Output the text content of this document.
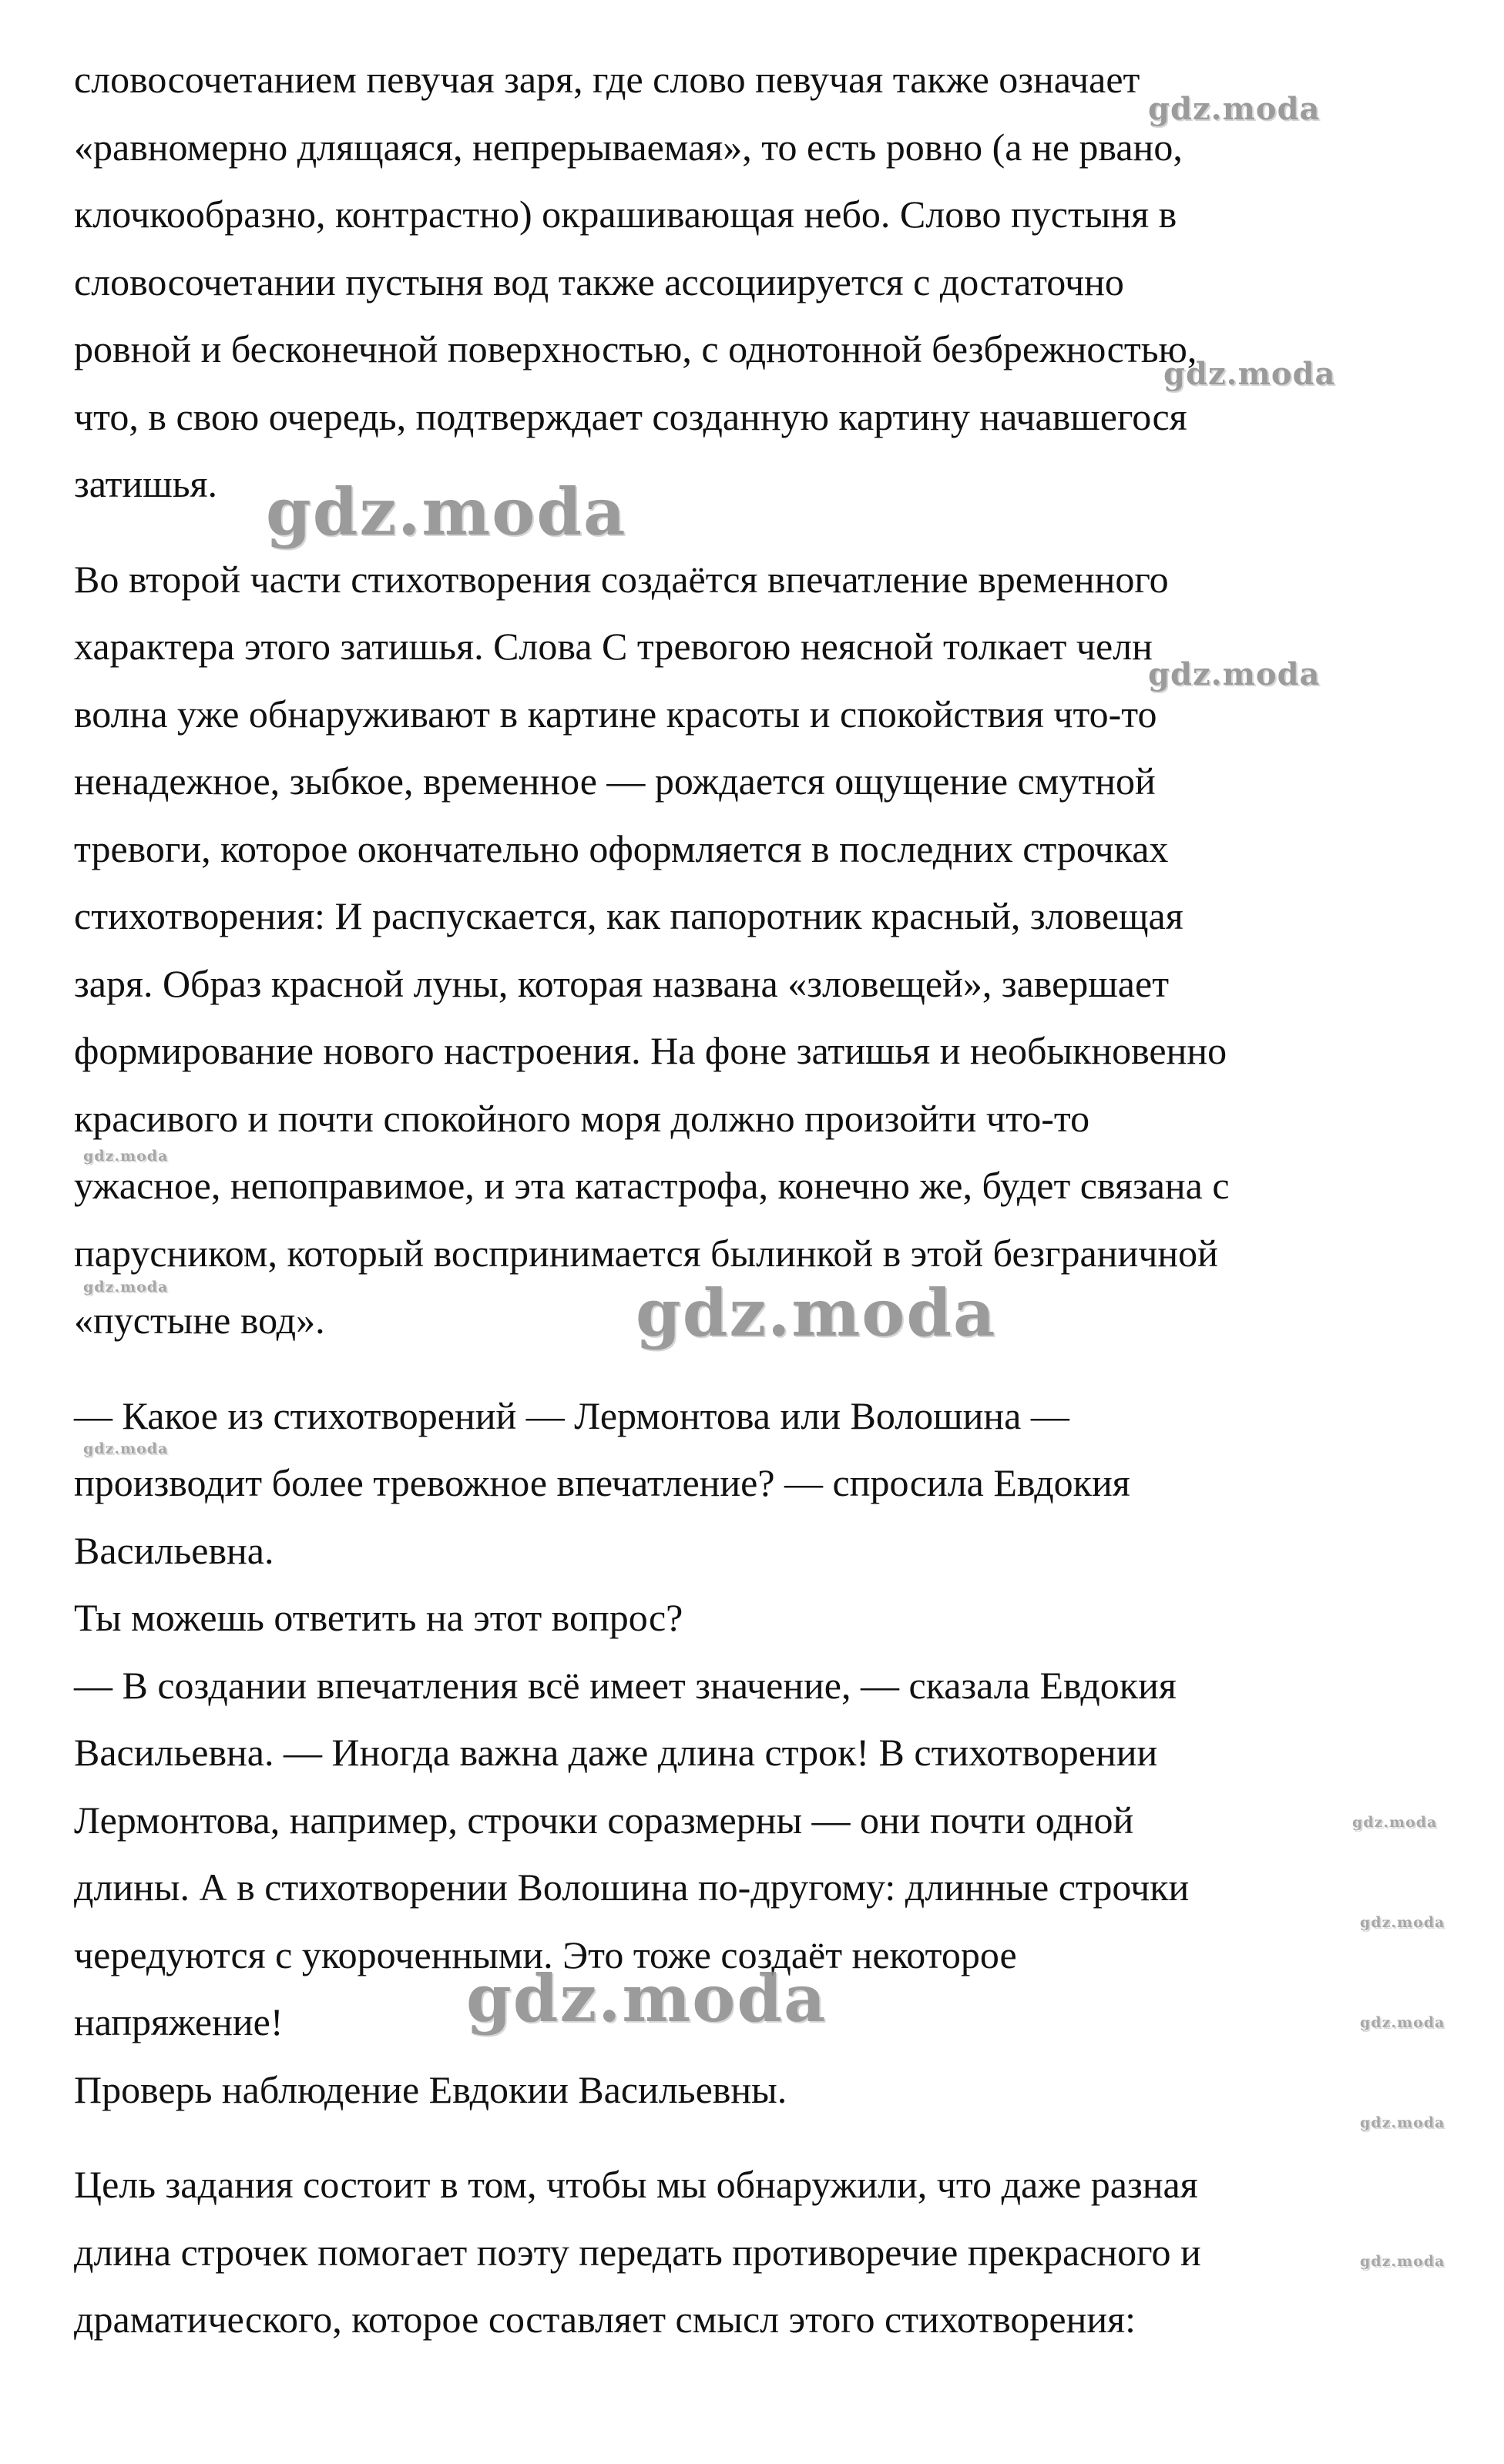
словосочетанием певучая заря, где слово певучая также означает
«равномерно длящаяся, непрерываемая», то есть ровно (а не рвано,
клочкообразно, контрастно) окрашивающая небо. Слово пустыня в
словосочетании пустыня вод также ассоциируется с достаточно
ровной и бесконечной поверхностью, с однотонной безбрежностью,
что, в свою очередь, подтверждает созданную картину начавшегося
затишья.

Во второй части стихотворения создаётся впечатление временного
характера этого затишья. Слова С тревогою неясной толкает челн
волна уже обнаруживают в картине красоты и спокойствия что-то
ненадежное, зыбкое, временное — рождается ощущение смутной
тревоги, которое окончательно оформляется в последних строчках
стихотворения: И распускается, как папоротник красный, зловещая
заря. Образ красной луны, которая названа «зловещей», завершает
формирование нового настроения. На фоне затишья и необыкновенно
красивого и почти спокойного моря должно произойти что-то
ужасное, непоправимое, и эта катастрофа, конечно же, будет связана с
парусником, который воспринимается былинкой в этой безграничной
«пустыне вод».

— Какое из стихотворений — Лермонтова или Волошина —
производит более тревожное впечатление? — спросила Евдокия
Васильевна.
Ты можешь ответить на этот вопрос?
— В создании впечатления всё имеет значение, — сказала Евдокия
Васильевна. — Иногда важна даже длина строк! В стихотворении
Лермонтова, например, строчки соразмерны — они почти одной
длины. А в стихотворении Волошина по-другому: длинные строчки
чередуются с укороченными. Это тоже создаёт некоторое
напряжение!
Проверь наблюдение Евдокии Васильевны.

Цель задания состоит в том, чтобы мы обнаружили, что даже разная
длина строчек помогает поэту передать противоречие прекрасного и
драматического, которое составляет смысл этого стихотворения:

gdz.moda
gdz.moda
gdz.moda
gdz.moda
gdz.moda
gdz.moda	gdz.moda
gdz.moda
gdz.moda
gdz.moda
gdz.moda	gdz.moda
gdz.moda
gdz.moda
